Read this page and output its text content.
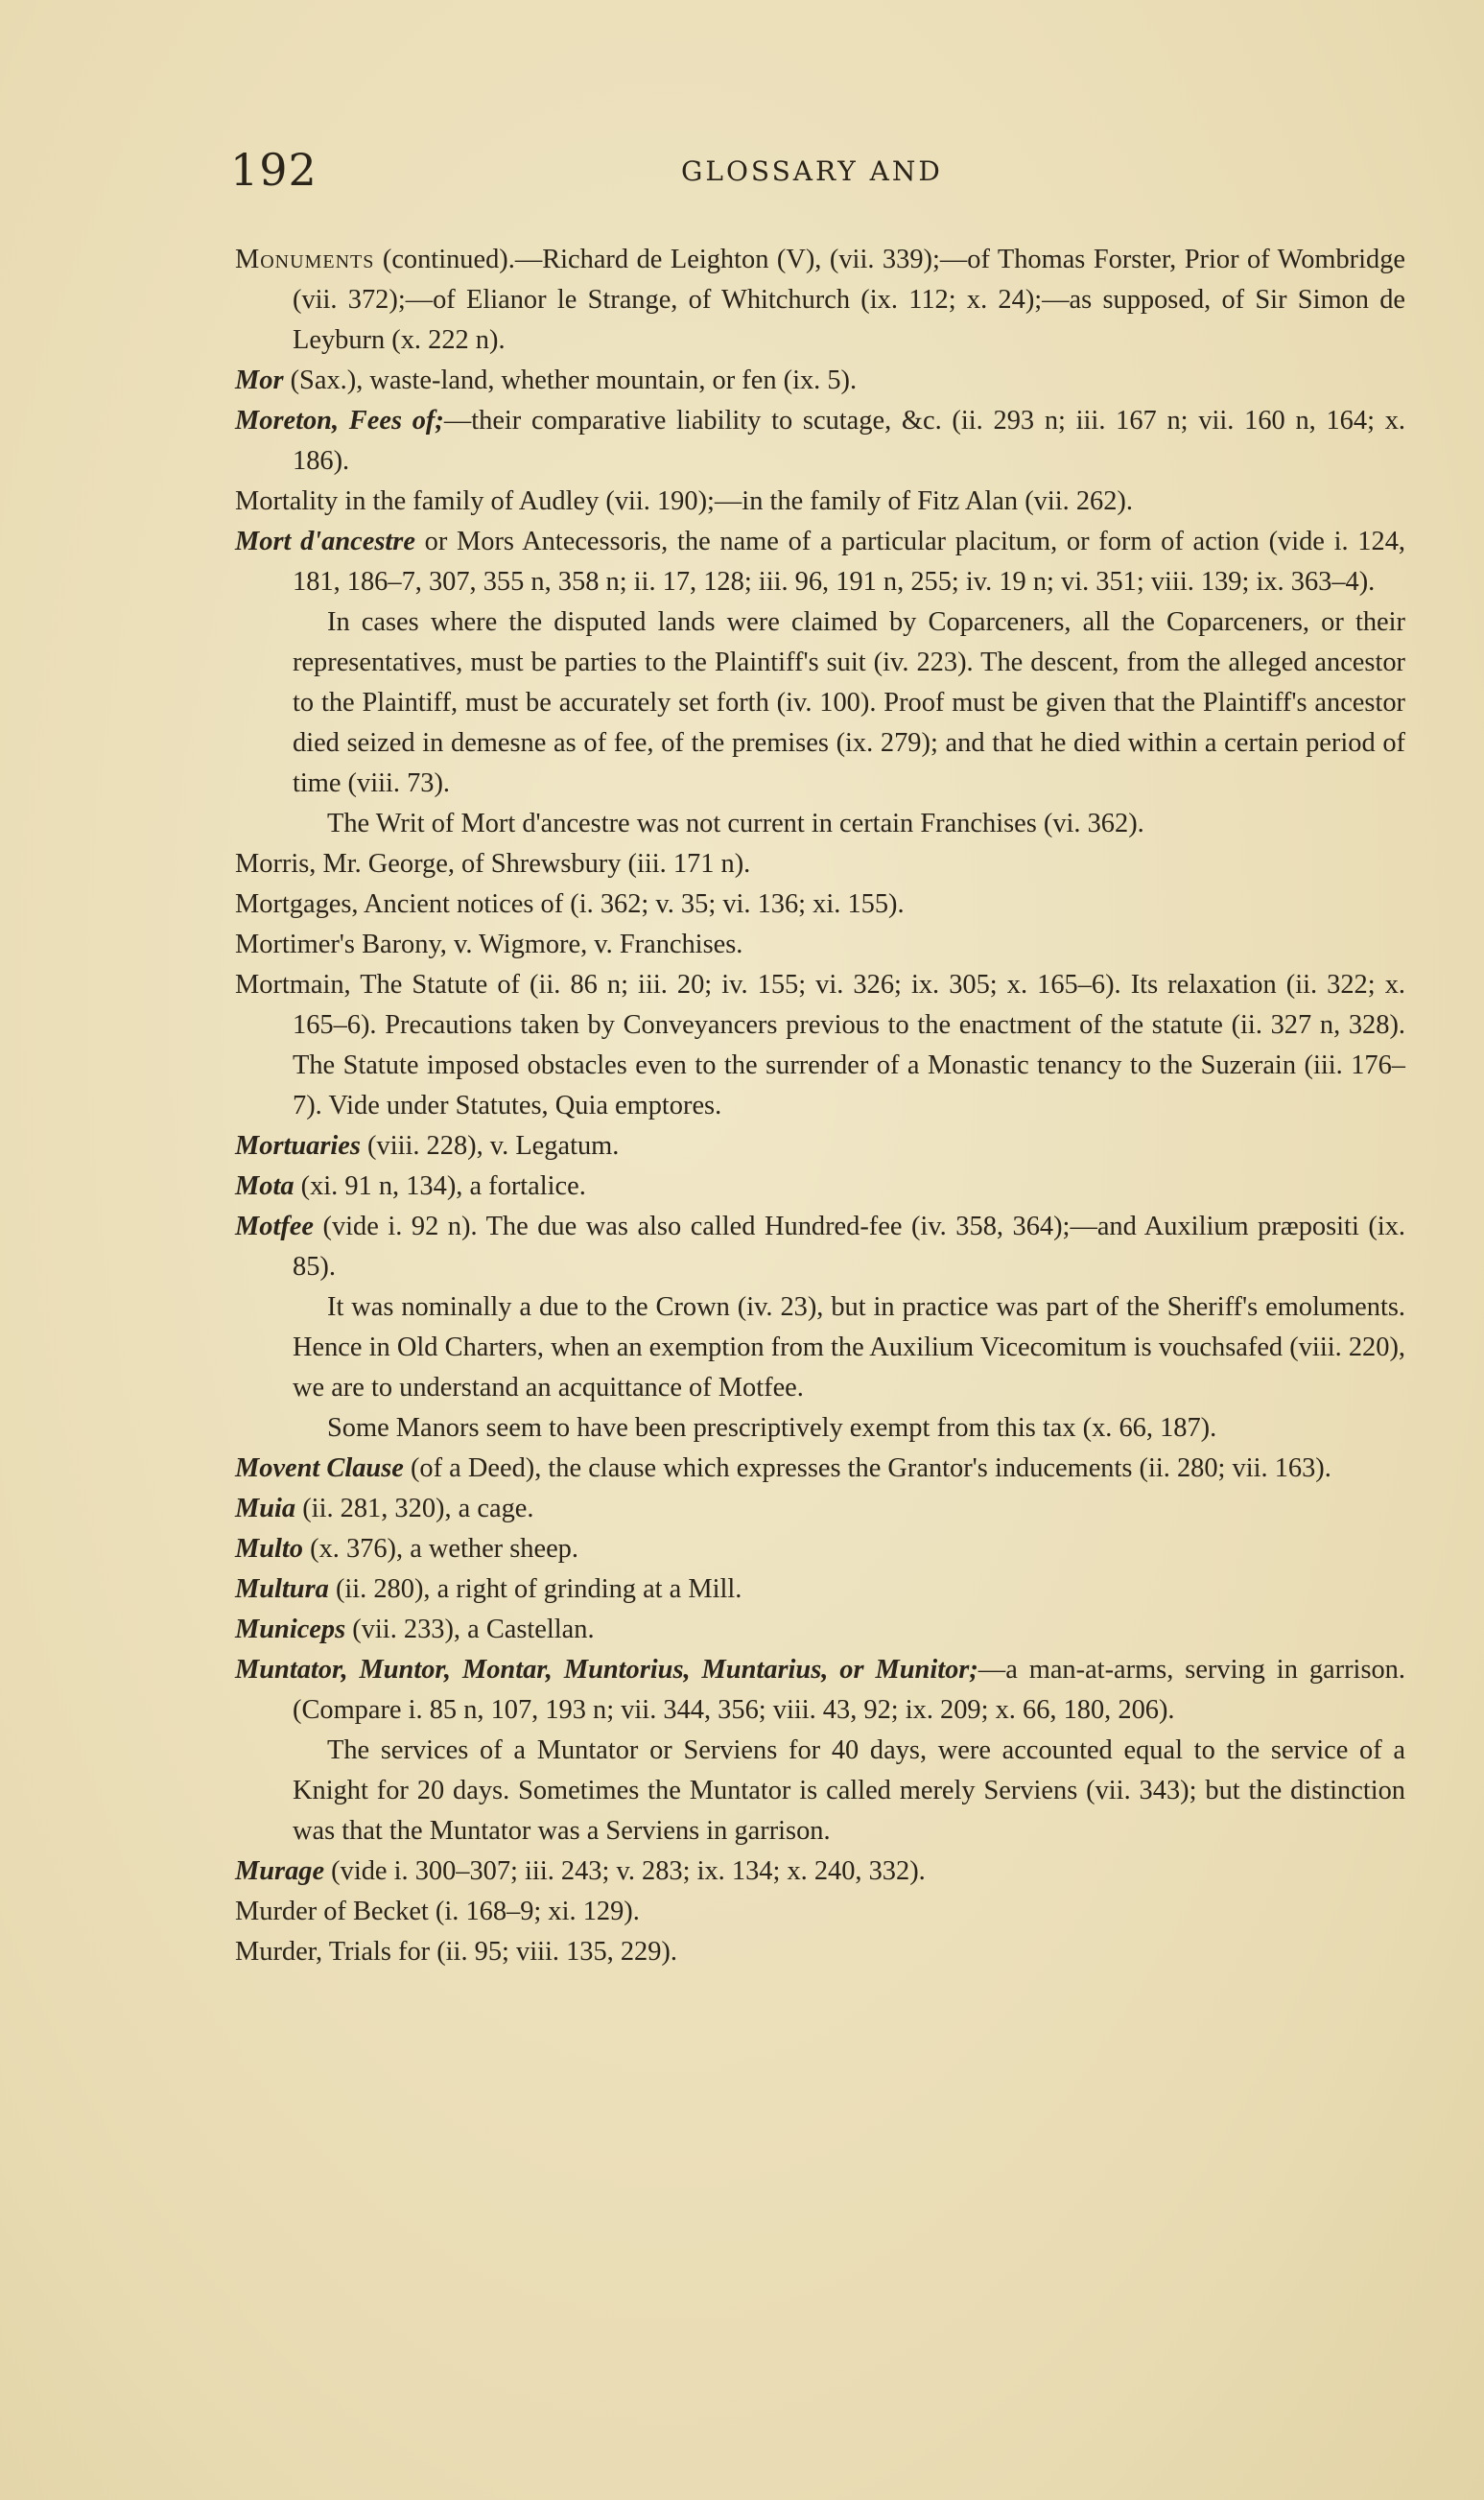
192	GLOSSARY AND

Monuments (continued).—Richard de Leighton (V), (vii. 339);—of Thomas Forster, Prior of Wombridge (vii. 372);—of Elianor le Strange, of Whitchurch (ix. 112; x. 24);—as supposed, of Sir Simon de Leyburn (x. 222 n).

Mor (Sax.), waste-land, whether mountain, or fen (ix. 5).

Moreton, Fees of;—their comparative liability to scutage, &c. (ii. 293 n; iii. 167 n; vii. 160 n, 164; x. 186).

Mortality in the family of Audley (vii. 190);—in the family of Fitz Alan (vii. 262).

Mort d'ancestre or Mors Antecessoris, the name of a particular placitum, or form of action (vide i. 124, 181, 186–7, 307, 355 n, 358 n; ii. 17, 128; iii. 96, 191 n, 255; iv. 19 n; vi. 351; viii. 139; ix. 363–4).

In cases where the disputed lands were claimed by Coparceners, all the Coparceners, or their representatives, must be parties to the Plaintiff's suit (iv. 223). The descent, from the alleged ancestor to the Plaintiff, must be accurately set forth (iv. 100). Proof must be given that the Plaintiff's ancestor died seized in demesne as of fee, of the premises (ix. 279); and that he died within a certain period of time (viii. 73).

The Writ of Mort d'ancestre was not current in certain Franchises (vi. 362).

Morris, Mr. George, of Shrewsbury (iii. 171 n).

Mortgages, Ancient notices of (i. 362; v. 35; vi. 136; xi. 155).

Mortimer's Barony, v. Wigmore, v. Franchises.

Mortmain, The Statute of (ii. 86 n; iii. 20; iv. 155; vi. 326; ix. 305; x. 165–6). Its relaxation (ii. 322; x. 165–6). Precautions taken by Conveyancers previous to the enactment of the statute (ii. 327 n, 328). The Statute imposed obstacles even to the surrender of a Monastic tenancy to the Suzerain (iii. 176–7). Vide under Statutes, Quia emptores.

Mortuaries (viii. 228), v. Legatum.

Mota (xi. 91 n, 134), a fortalice.

Motfee (vide i. 92 n). The due was also called Hundred-fee (iv. 358, 364);—and Auxilium præpositi (ix. 85).

It was nominally a due to the Crown (iv. 23), but in practice was part of the Sheriff's emoluments. Hence in Old Charters, when an exemption from the Auxilium Vicecomitum is vouchsafed (viii. 220), we are to understand an acquittance of Motfee.

Some Manors seem to have been prescriptively exempt from this tax (x. 66, 187).

Movent Clause (of a Deed), the clause which expresses the Grantor's inducements (ii. 280; vii. 163).

Muia (ii. 281, 320), a cage.

Multo (x. 376), a wether sheep.

Multura (ii. 280), a right of grinding at a Mill.

Municeps (vii. 233), a Castellan.

Muntator, Muntor, Montar, Muntorius, Muntarius, or Munitor;—a man-at-arms, serving in garrison. (Compare i. 85 n, 107, 193 n; vii. 344, 356; viii. 43, 92; ix. 209; x. 66, 180, 206).

The services of a Muntator or Serviens for 40 days, were accounted equal to the service of a Knight for 20 days. Sometimes the Muntator is called merely Serviens (vii. 343); but the distinction was that the Muntator was a Serviens in garrison.

Murage (vide i. 300–307; iii. 243; v. 283; ix. 134; x. 240, 332).

Murder of Becket (i. 168–9; xi. 129).

Murder, Trials for (ii. 95; viii. 135, 229).
